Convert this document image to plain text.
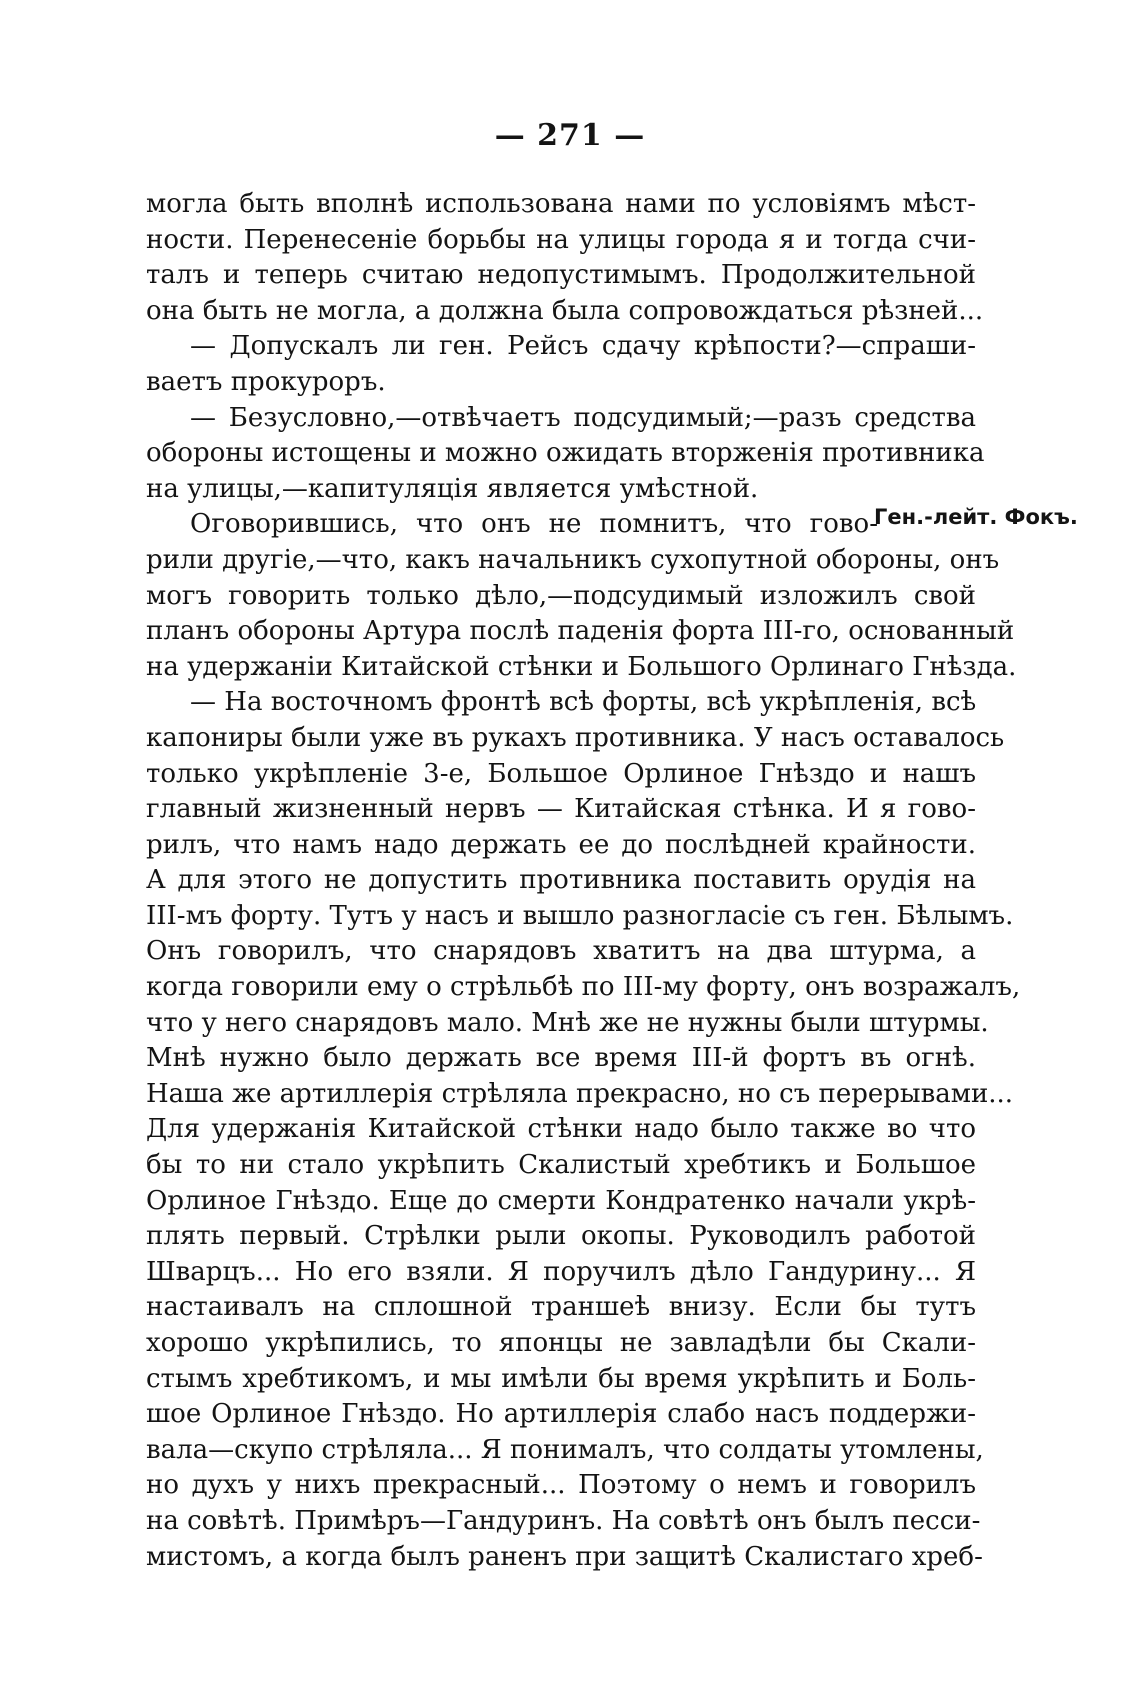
— 271 —
Ген.-лейт. Фокъ.
могла быть вполнѣ использована нами по условіямъ мѣст-
ности. Перенесеніе борьбы на улицы города я и тогда счи-
талъ и теперь считаю недопустимымъ. Продолжительной
она быть не могла, а должна была сопровождаться рѣзней...
— Допускалъ ли ген. Рейсъ сдачу крѣпости?—спраши-
ваетъ прокуроръ.
— Безусловно,—отвѣчаетъ подсудимый;—разъ средства
обороны истощены и можно ожидать вторженія противника
на улицы,—капитуляція является умѣстной.
Оговорившись, что онъ не помнитъ, что гово-
рили другіе,—что, какъ начальникъ сухопутной обороны, онъ
могъ говорить только дѣло,—подсудимый изложилъ свой
планъ обороны Артура послѣ паденія форта III-го, основанный
на удержаніи Китайской стѣнки и Большого Орлинаго Гнѣзда.
— На восточномъ фронтѣ всѣ форты, всѣ укрѣпленія, всѣ
капониры были уже въ рукахъ противника. У насъ оставалось
только укрѣпленіе 3-е, Большое Орлиное Гнѣздо и нашъ
главный жизненный нервъ — Китайская стѣнка. И я гово-
рилъ, что намъ надо держать ее до послѣдней крайности.
А для этого не допустить противника поставить орудія на
III-мъ форту. Тутъ у насъ и вышло разногласіе съ ген. Бѣлымъ.
Онъ говорилъ, что снарядовъ хватитъ на два штурма, а
когда говорили ему о стрѣльбѣ по III-му форту, онъ возражалъ,
что у него снарядовъ мало. Мнѣ же не нужны были штурмы.
Мнѣ нужно было держать все время III-й фортъ въ огнѣ.
Наша же артиллерія стрѣляла прекрасно, но съ перерывами...
Для удержанія Китайской стѣнки надо было также во что
бы то ни стало укрѣпить Скалистый хребтикъ и Большое
Орлиное Гнѣздо. Еще до смерти Кондратенко начали укрѣ-
плять первый. Стрѣлки рыли окопы. Руководилъ работой
Шварцъ... Но его взяли. Я поручилъ дѣло Гандурину... Я
настаивалъ на сплошной траншеѣ внизу. Если бы тутъ
хорошо укрѣпились, то японцы не завладѣли бы Скали-
стымъ хребтикомъ, и мы имѣли бы время укрѣпить и Боль-
шое Орлиное Гнѣздо. Но артиллерія слабо насъ поддержи-
вала—скупо стрѣляла... Я понималъ, что солдаты утомлены,
но духъ у нихъ прекрасный... Поэтому о немъ и говорилъ
на совѣтѣ. Примѣръ—Гандуринъ. На совѣтѣ онъ былъ песси-
мистомъ, а когда былъ раненъ при защитѣ Скалистаго хреб-
